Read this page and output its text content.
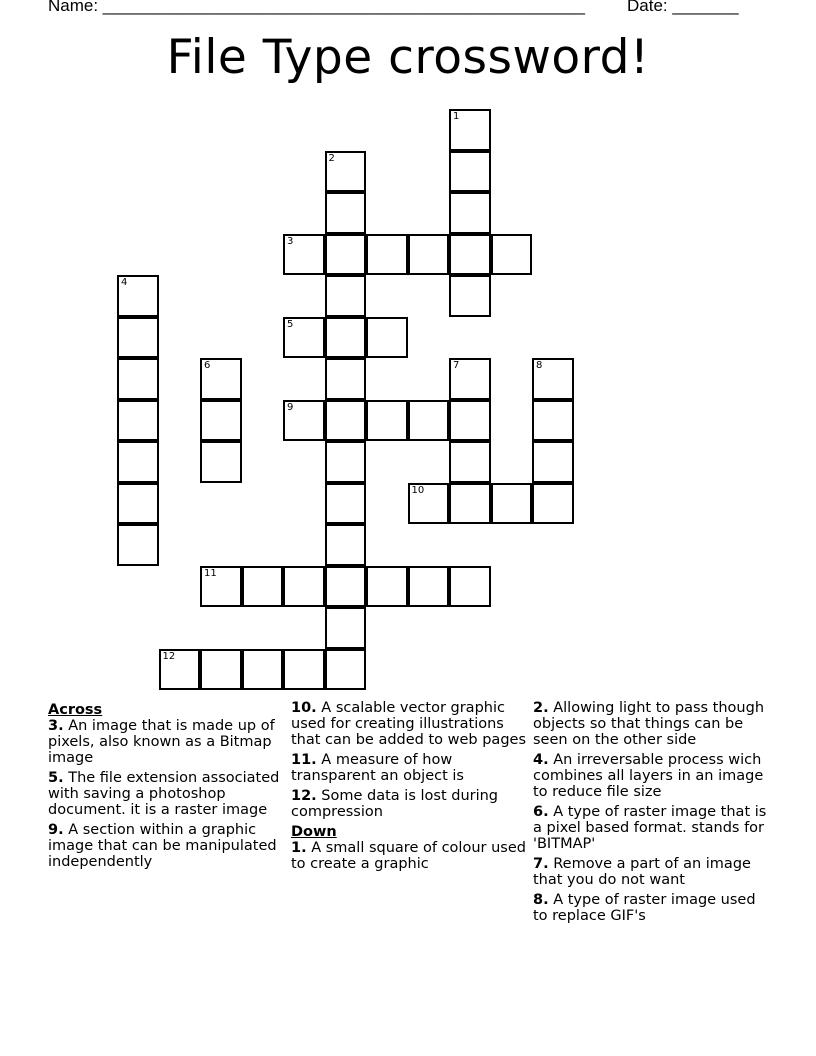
Name: ___________________________________________________ Date: _______
File Type crossword!
1
2
3
4
5
6	7	8
9
10
11
12
Across
3. An image that is made up of pixels, also known as a Bitmap image
5. The file extension associated with saving a photoshop document. it is a raster image
9. A section within a graphic image that can be manipulated independently
10. A scalable vector graphic used for creating illustrations that can be added to web pages
11. A measure of how transparent an object is
12. Some data is lost during compression
Down
1. A small square of colour used to create a graphic
2. Allowing light to pass though objects so that things can be seen on the other side
4. An irreversable process wich combines all layers in an image to reduce file size
6. A type of raster image that is a pixel based format. stands for 'BITMAP'
7. Remove a part of an image that you do not want
8. A type of raster image used to replace GIF's
